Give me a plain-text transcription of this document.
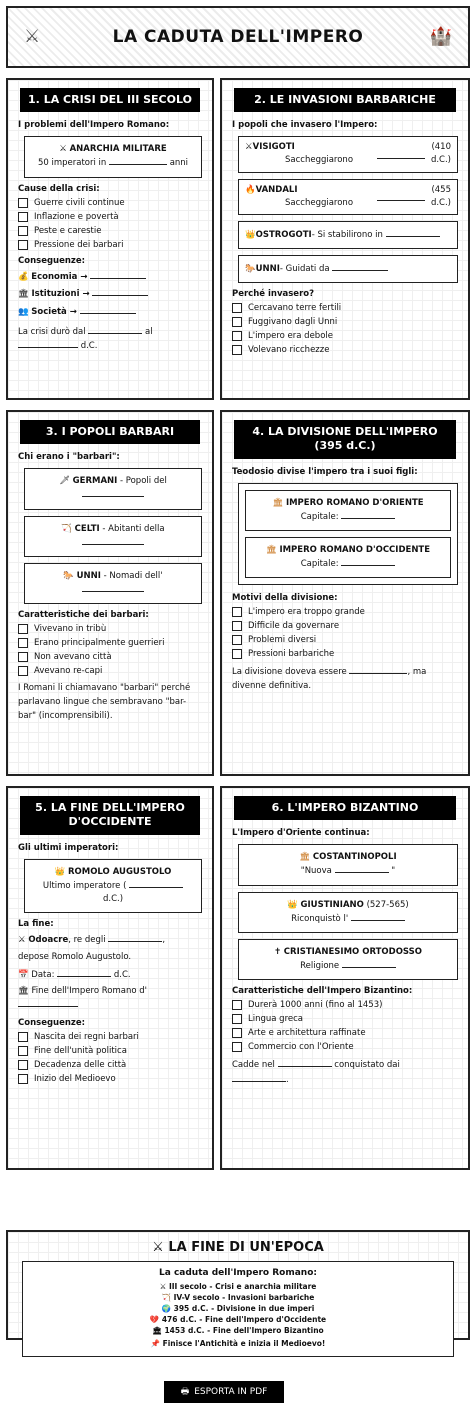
⚔	LA CADUTA DELL'IMPERO	🏰
1. LA CRISI DEL III SECOLO
I problemi dell'Impero Romano:
⚔ ANARCHIA MILITARE
50 imperatori in	anni
Cause della crisi:
Guerre civili continue
Inflazione e povertà
Peste e carestie
Pressione dei barbari
Conseguenze:
💰 Economia →
🏛 Istituzioni →
👥 Società →
La crisi durò dal	al
d.C.
2. LE INVASIONI BARBARICHE
I popoli che invasero l'Impero:
⚔VISIGOTI
Saccheggiarono
(410
d.C.)
🔥VANDALI
Saccheggiarono
(455
d.C.)
👑OSTROGOTI- Si stabilirono in
🐎UNNI- Guidati da
Perché invasero?
Cercavano terre fertili
Fuggivano dagli Unni
L'impero era debole
Volevano ricchezze
3. I POPOLI BARBARI
Chi erano i "barbari":
🗡 GERMANI - Popoli del
🏹 CELTI - Abitanti della
🐎 UNNI - Nomadi dell'
Caratteristiche dei barbari:
Vivevano in tribù
Erano principalmente guerrieri
Non avevano città
Avevano re-capi
I Romani li chiamavano "barbari" perché parlavano lingue che sembravano "bar-bar" (incomprensibili).
4. LA DIVISIONE DELL'IMPERO (395 d.C.)
Teodosio divise l'impero tra i suoi figli:
🏛 IMPERO ROMANO D'ORIENTE
Capitale:
🏛 IMPERO ROMANO D'OCCIDENTE
Capitale:
Motivi della divisione:
L'impero era troppo grande
Difficile da governare
Problemi diversi
Pressioni barbariche
La divisione doveva essere	, ma divenne definitiva.
5. LA FINE DELL'IMPERO D'OCCIDENTE
Gli ultimi imperatori:
👑 ROMOLO AUGUSTOLO
Ultimo imperatore (
d.C.)
La fine:
⚔ Odoacre, re degli	,
depose Romolo Augustolo.
📅 Data:	d.C.
🏛 Fine dell'Impero Romano d'

Conseguenze:
Nascita dei regni barbari
Fine dell'unità politica
Decadenza delle città
Inizio del Medioevo
6. L'IMPERO BIZANTINO
L'Impero d'Oriente continua:
🏛 COSTANTINOPOLI
"Nuova	"
👑 GIUSTINIANO (527-565)
Riconquistò l'
✝ CRISTIANESIMO ORTODOSSO
Religione
Caratteristiche dell'Impero Bizantino:
Durerà 1000 anni (fino al 1453)
Lingua greca
Arte e architettura raffinate
Commercio con l'Oriente
Cadde nel	conquistato dai
.
⚔ LA FINE DI UN'EPOCA
La caduta dell'Impero Romano:
⚔ III secolo - Crisi e anarchia militare
🏹 IV-V secolo - Invasioni barbariche
🌍 395 d.C. - Divisione in due imperi
💔 476 d.C. - Fine dell'Impero d'Occidente
🏛 1453 d.C. - Fine dell'Impero Bizantino
📌 Finisce l'Antichità e inizia il Medioevo!
🖶 ESPORTA IN PDF
